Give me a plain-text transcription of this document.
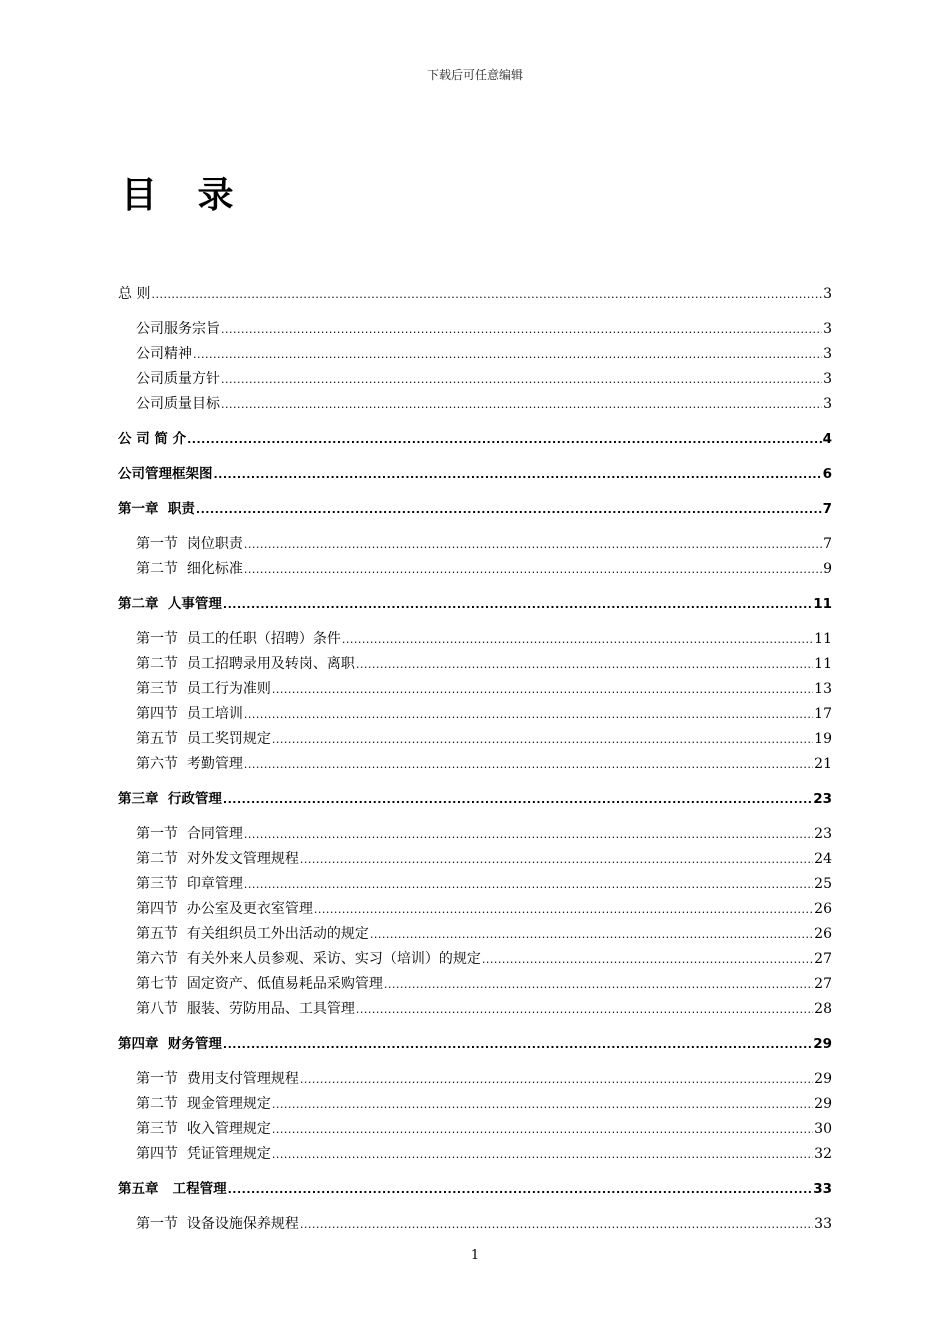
下载后可任意编辑
目 录
总 则 .....	3
公司服务宗旨 .....	3
公司精神 .....	3
公司质量方针 .....	3
公司质量目标 .....	3
公 司 简 介 .....	4
公司管理框架图 .....	6
第一章  职责 .....	7
第一节  岗位职责 .....	7
第二节  细化标准 .....	9
第二章  人事管理 .....	11
第一节  员工的任职（招聘）条件 .....	11
第二节  员工招聘录用及转岗、离职 .....	11
第三节  员工行为准则 .....	13
第四节  员工培训 .....	17
第五节  员工奖罚规定 .....	19
第六节  考勤管理 .....	21
第三章  行政管理 .....	23
第一节  合同管理 .....	23
第二节  对外发文管理规程 .....	24
第三节  印章管理 .....	25
第四节  办公室及更衣室管理 .....	26
第五节  有关组织员工外出活动的规定 .....	26
第六节  有关外来人员参观、采访、实习（培训）的规定 .....	27
第七节  固定资产、低值易耗品采购管理 .....	27
第八节  服装、劳防用品、工具管理 .....	28
第四章  财务管理 .....	29
第一节  费用支付管理规程 .....	29
第二节  现金管理规定 .....	29
第三节  收入管理规定 .....	30
第四节  凭证管理规定 .....	32
第五章   工程管理 .....	33
第一节  设备设施保养规程 .....	33
1
